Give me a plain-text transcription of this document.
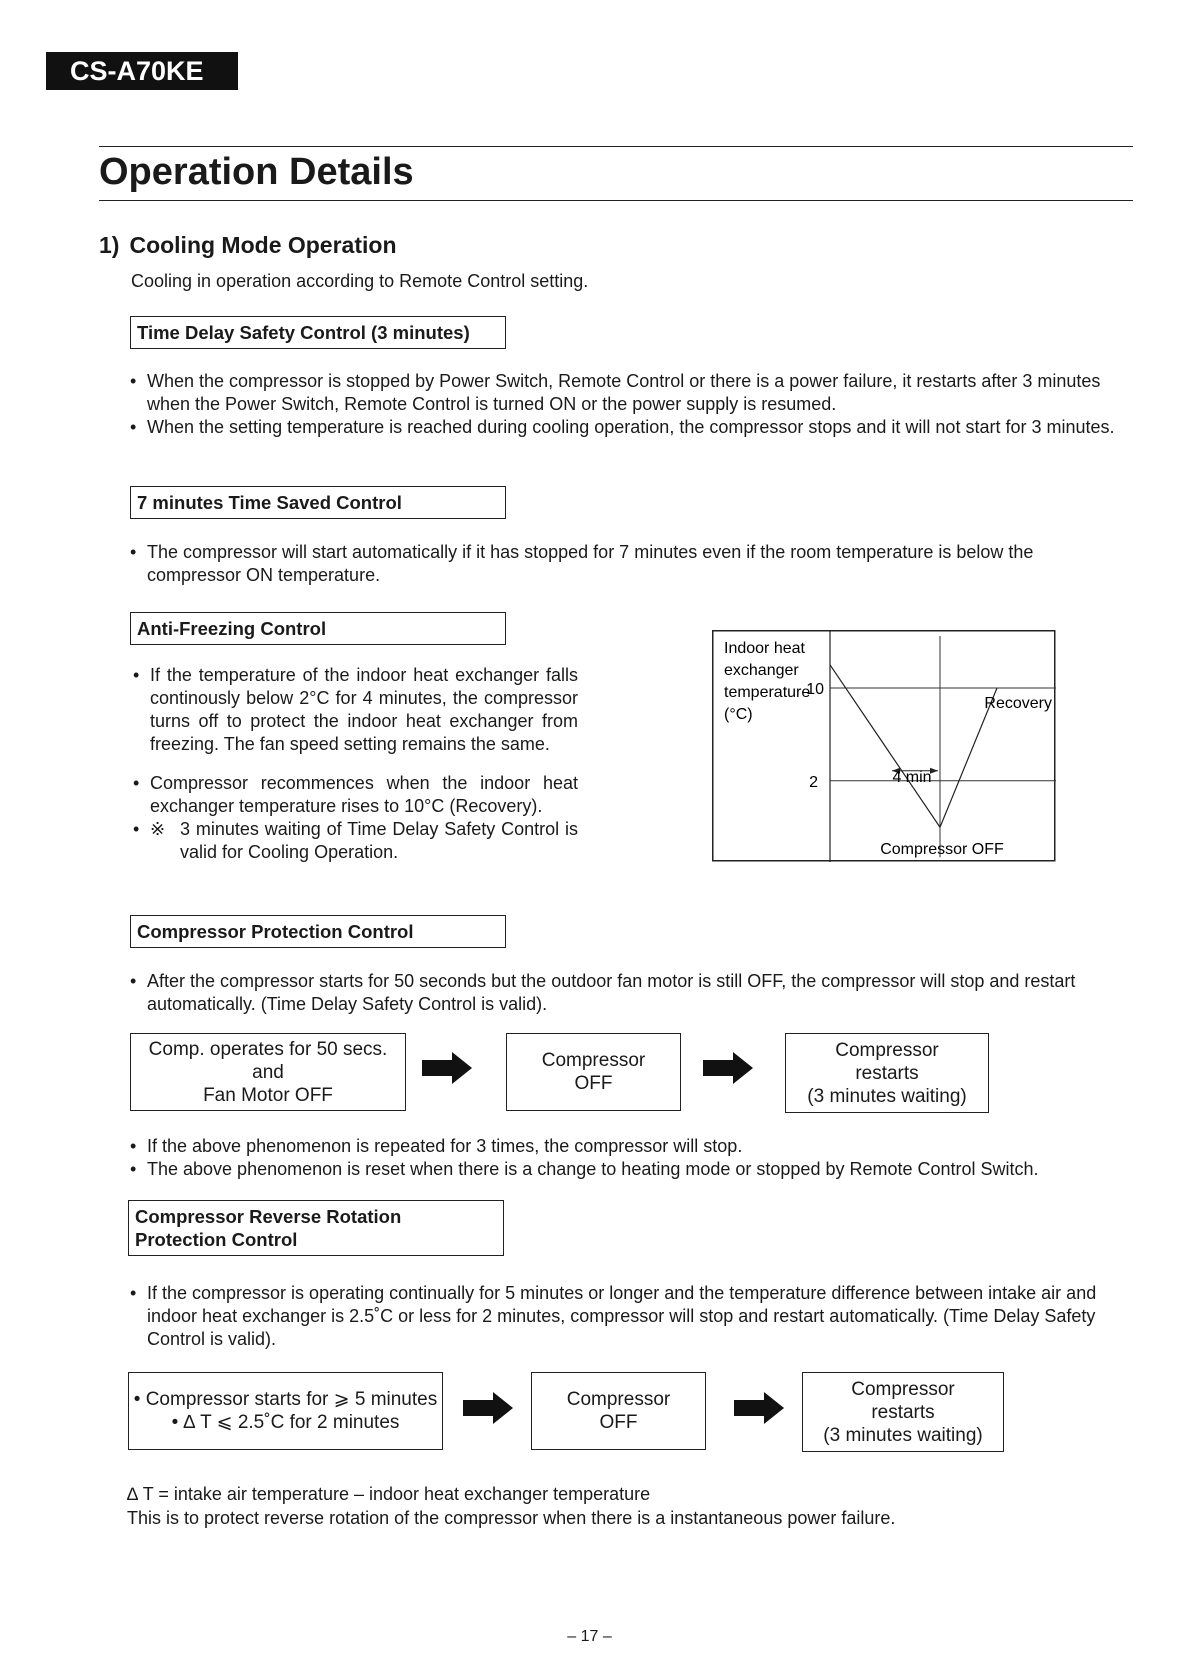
CS-A70KE
Operation Details
1) Cooling Mode Operation
Cooling in operation according to Remote Control setting.
Time Delay Safety Control (3 minutes)
• When the compressor is stopped by Power Switch, Remote Control or there is a power failure, it restarts after 3 minutes when the Power Switch, Remote Control is turned ON or the power supply is resumed.
• When the setting temperature is reached during cooling operation, the compressor stops and it will not start for 3 minutes.
7 minutes Time Saved Control
• The compressor will start automatically if it has stopped for 7 minutes even if the room temperature is below the compressor ON temperature.
Anti-Freezing Control
• If the temperature of the indoor heat exchanger falls continously below 2°C for 4 minutes, the compressor turns off to protect the indoor heat exchanger from freezing. The fan speed setting remains the same.
• Compressor recommences when the indoor heat exchanger temperature rises to 10°C (Recovery).
• ※ 3 minutes waiting of Time Delay Safety Control is valid for Cooling Operation.
Indoor heat
exchanger
temperature
(°C)
10
2
Recovery
4 min
Compressor OFF
Compressor Protection Control
• After the compressor starts for 50 seconds but the outdoor fan motor is still OFF, the compressor will stop and restart automatically. (Time Delay Safety Control is valid).
Comp. operates for 50 secs.
and
Fan Motor OFF
Compressor
OFF
Compressor
restarts
(3 minutes waiting)
• If the above phenomenon is repeated for 3 times, the compressor will stop.
• The above phenomenon is reset when there is a change to heating mode or stopped by Remote Control Switch.
Compressor Reverse Rotation
Protection Control
• If the compressor is operating continually for 5 minutes or longer and the temperature difference between intake air and indoor heat exchanger is 2.5˚C or less for 2 minutes, compressor will stop and restart automatically. (Time Delay Safety Control is valid).
• Compressor starts for ⩾ 5 minutes
• ∆ T ⩽ 2.5˚C for 2 minutes
Compressor
OFF
Compressor
restarts
(3 minutes waiting)
∆ T = intake air temperature – indoor heat exchanger temperature
This is to protect reverse rotation of the compressor when there is a instantaneous power failure.
– 17 –
